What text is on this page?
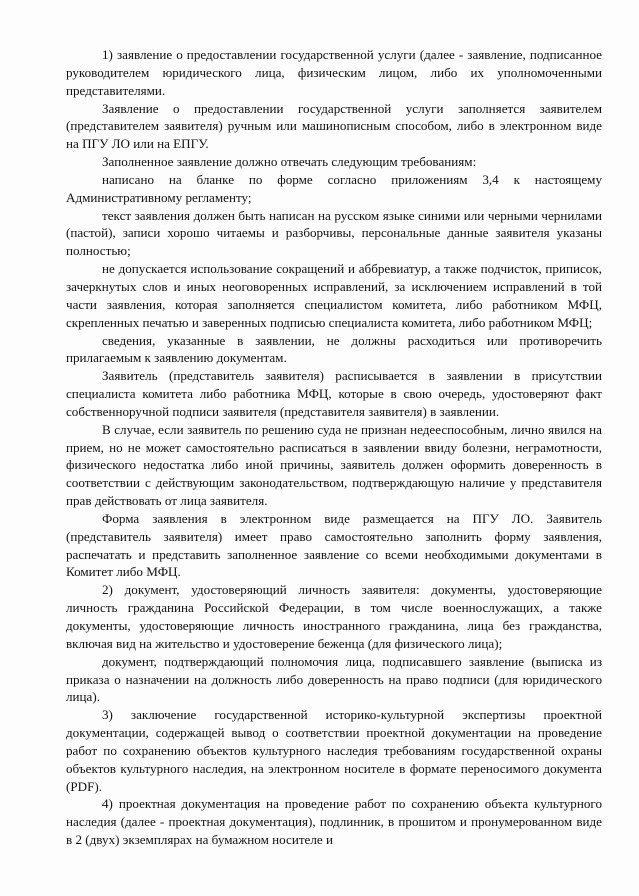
1) заявление о предоставлении государственной услуги (далее - заявление, подписанное руководителем юридического лица, физическим лицом, либо их уполномоченными представителями.

Заявление о предоставлении государственной услуги заполняется заявителем (представителем заявителя) ручным или машинописным способом, либо в электронном виде на ПГУ ЛО или на ЕПГУ.

Заполненное заявление должно отвечать следующим требованиям:

написано на бланке по форме согласно приложениям 3,4 к настоящему Административному регламенту;

текст заявления должен быть написан на русском языке синими или черными чернилами (пастой), записи хорошо читаемы и разборчивы, персональные данные заявителя указаны полностью;

не допускается использование сокращений и аббревиатур, а также подчисток, приписок, зачеркнутых слов и иных неоговоренных исправлений, за исключением исправлений в той части заявления, которая заполняется специалистом комитета, либо работником МФЦ, скрепленных печатью и заверенных подписью специалиста комитета, либо работником МФЦ;

сведения, указанные в заявлении, не должны расходиться или противоречить прилагаемым к заявлению документам.

Заявитель (представитель заявителя) расписывается в заявлении в присутствии специалиста комитета либо работника МФЦ, которые в свою очередь, удостоверяют факт собственноручной подписи заявителя (представителя заявителя) в заявлении.

В случае, если заявитель по решению суда не признан недееспособным, лично явился на прием, но не может самостоятельно расписаться в заявлении ввиду болезни, неграмотности, физического недостатка либо иной причины, заявитель должен оформить доверенность в соответствии с действующим законодательством, подтверждающую наличие у представителя прав действовать от лица заявителя.

Форма заявления в электронном виде размещается на ПГУ ЛО. Заявитель (представитель заявителя) имеет право самостоятельно заполнить форму заявления, распечатать и представить заполненное заявление со всеми необходимыми документами в Комитет либо МФЦ.

2) документ, удостоверяющий личность заявителя: документы, удостоверяющие личность гражданина Российской Федерации, в том числе военнослужащих, а также документы, удостоверяющие личность иностранного гражданина, лица без гражданства, включая вид на жительство и удостоверение беженца (для физического лица);

документ, подтверждающий полномочия лица, подписавшего заявление (выписка из приказа о назначении на должность либо доверенность на право подписи (для юридического лица).

3) заключение государственной историко-культурной экспертизы проектной документации, содержащей вывод о соответствии проектной документации на проведение работ по сохранению объектов культурного наследия требованиям государственной охраны объектов культурного наследия, на электронном носителе в формате переносимого документа (PDF).

4) проектная документация на проведение работ по сохранению объекта культурного наследия (далее - проектная документация), подлинник, в прошитом и пронумерованном виде в 2 (двух) экземплярах на бумажном носителе и
